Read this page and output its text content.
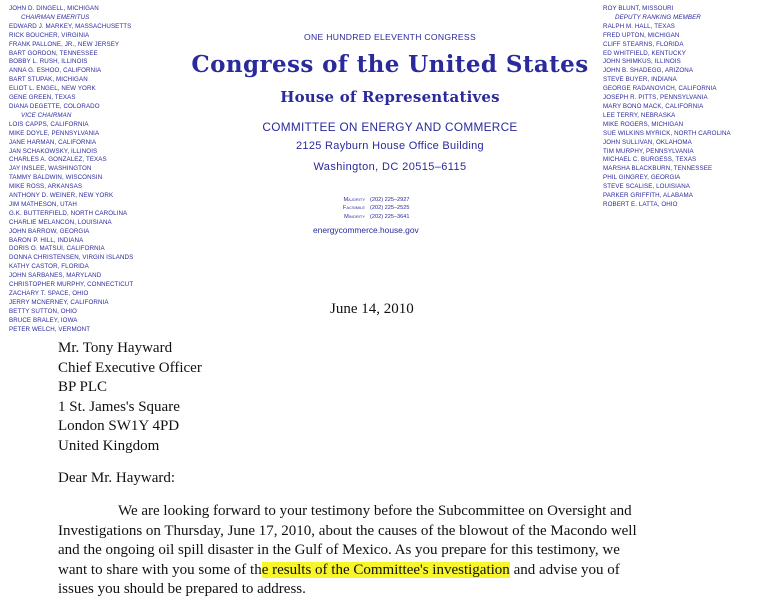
JOHN D. DINGELL, MICHIGAN
CHAIRMAN EMERITUS
EDWARD J. MARKEY, MASSACHUSETTS
RICK BOUCHER, VIRGINIA
FRANK PALLONE, JR., NEW JERSEY
BART GORDON, TENNESSEE
BOBBY L. RUSH, ILLINOIS
ANNA G. ESHOO, CALIFORNIA
BART STUPAK, MICHIGAN
ELIOT L. ENGEL, NEW YORK
GENE GREEN, TEXAS
DIANA DEGETTE, COLORADO
VICE CHAIRMAN
LOIS CAPPS, CALIFORNIA
MIKE DOYLE, PENNSYLVANIA
JANE HARMAN, CALIFORNIA
JAN SCHAKOWSKY, ILLINOIS
CHARLES A. GONZALEZ, TEXAS
JAY INSLEE, WASHINGTON
TAMMY BALDWIN, WISCONSIN
MIKE ROSS, ARKANSAS
ANTHONY D. WEINER, NEW YORK
JIM MATHESON, UTAH
G.K. BUTTERFIELD, NORTH CAROLINA
CHARLIE MELANCON, LOUISIANA
JOHN BARROW, GEORGIA
BARON P. HILL, INDIANA
DORIS O. MATSUI, CALIFORNIA
DONNA CHRISTENSEN, VIRGIN ISLANDS
KATHY CASTOR, FLORIDA
JOHN SARBANES, MARYLAND
CHRISTOPHER MURPHY, CONNECTICUT
ZACHARY T. SPACE, OHIO
JERRY MCNERNEY, CALIFORNIA
BETTY SUTTON, OHIO
BRUCE BRALEY, IOWA
PETER WELCH, VERMONT
ROY BLUNT, MISSOURI
DEPUTY RANKING MEMBER
RALPH M. HALL, TEXAS
FRED UPTON, MICHIGAN
CLIFF STEARNS, FLORIDA
ED WHITFIELD, KENTUCKY
JOHN SHIMKUS, ILLINOIS
JOHN B. SHADEGG, ARIZONA
STEVE BUYER, INDIANA
GEORGE RADANOVICH, CALIFORNIA
JOSEPH R. PITTS, PENNSYLVANIA
MARY BONO MACK, CALIFORNIA
LEE TERRY, NEBRASKA
MIKE ROGERS, MICHIGAN
SUE WILKINS MYRICK, NORTH CAROLINA
JOHN SULLIVAN, OKLAHOMA
TIM MURPHY, PENNSYLVANIA
MICHAEL C. BURGESS, TEXAS
MARSHA BLACKBURN, TENNESSEE
PHIL GINGREY, GEORGIA
STEVE SCALISE, LOUISIANA
PARKER GRIFFITH, ALABAMA
ROBERT E. LATTA, OHIO
ONE HUNDRED ELEVENTH CONGRESS
Congress of the United States
House of Representatives
COMMITTEE ON ENERGY AND COMMERCE
2125 Rayburn House Office Building
Washington, DC 20515–6115
Majority (202) 225–2927
Facsimile (202) 225–2525
Minority (202) 225–3641
energycommerce.house.gov
June 14, 2010
Mr. Tony Hayward
Chief Executive Officer
BP PLC
1 St. James's Square
London SW1Y 4PD
United Kingdom
Dear Mr. Hayward:
We are looking forward to your testimony before the Subcommittee on Oversight and
Investigations on Thursday, June 17, 2010, about the causes of the blowout of the Macondo well
and the ongoing oil spill disaster in the Gulf of Mexico. As you prepare for this testimony, we
want to share with you some of the results of the Committee's investigation and advise you of
issues you should be prepared to address.
